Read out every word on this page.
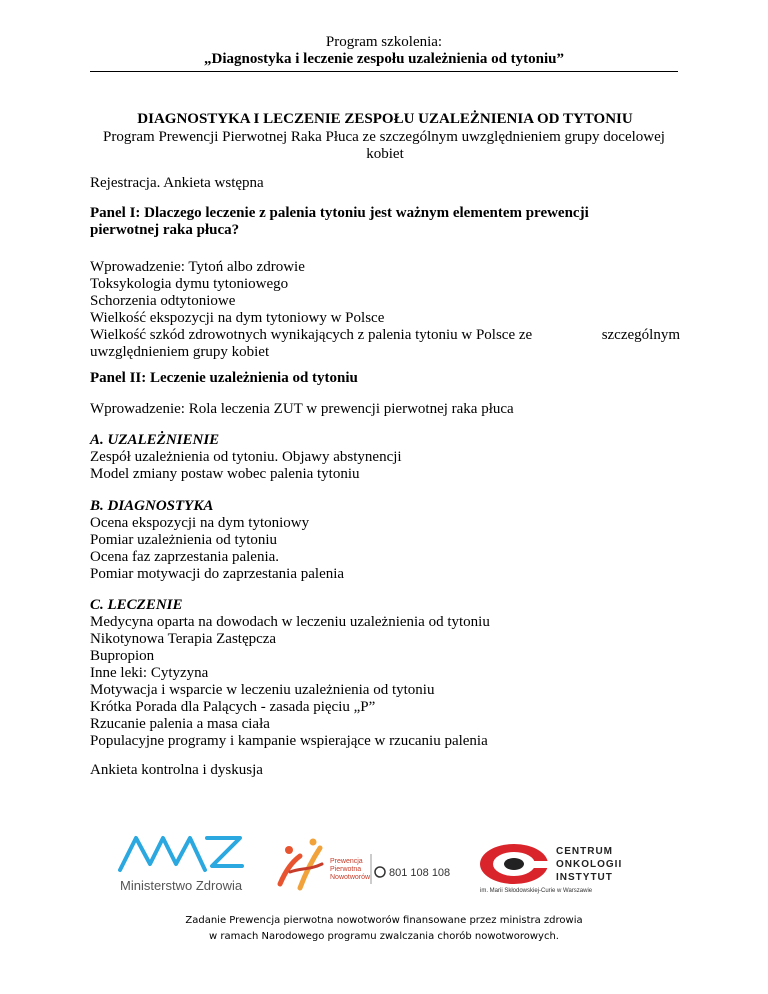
Program szkolenia:
„Diagnostyka i leczenie zespołu uzależnienia od tytoniu”
DIAGNOSTYKA I LECZENIE ZESPOŁU UZALEŻNIENIA OD TYTONIU
Program Prewencji Pierwotnej Raka Płuca ze szczególnym uwzględnieniem grupy docelowej
kobiet
Rejestracja. Ankieta wstępna
Panel I: Dlaczego leczenie z palenia tytoniu jest ważnym elementem prewencji
pierwotnej raka płuca?
Wprowadzenie: Tytoń albo zdrowie
Toksykologia dymu tytoniowego
Schorzenia odtytoniowe
Wielkość ekspozycji na dym tytoniowy w Polsce
Wielkość szkód zdrowotnych wynikających z palenia tytoniu w Polsce ze	szczególnym
uwzględnieniem grupy kobiet
Panel II: Leczenie uzależnienia od tytoniu
Wprowadzenie: Rola leczenia ZUT w prewencji pierwotnej raka płuca
A. UZALEŻNIENIE
Zespół uzależnienia od tytoniu. Objawy abstynencji
Model zmiany postaw wobec palenia tytoniu
B. DIAGNOSTYKA
Ocena ekspozycji na dym tytoniowy
Pomiar uzależnienia od tytoniu
Ocena faz zaprzestania palenia.
Pomiar motywacji do zaprzestania palenia
C. LECZENIE
Medycyna oparta na dowodach w leczeniu uzależnienia od tytoniu
Nikotynowa Terapia Zastępcza
Bupropion
Inne leki: Cytyzyna
Motywacja i wsparcie w leczeniu uzależnienia od tytoniu
Krótka Porada dla Palących - zasada pięciu „P”
Rzucanie palenia a masa ciała
Populacyjne programy i kampanie wspierające w rzucaniu palenia
Ankieta kontrolna i dyskusja
Ministerstwo Zdrowia
Prewencja
Pierwotna
Nowotworów 801 108 108
CENTRUM
ONKOLOGII
INSTYTUT
im. Marii Skłodowskiej-Curie w Warszawie
Zadanie Prewencja pierwotna nowotworów finansowane przez ministra zdrowia
w ramach Narodowego programu zwalczania chorób nowotworowych.
